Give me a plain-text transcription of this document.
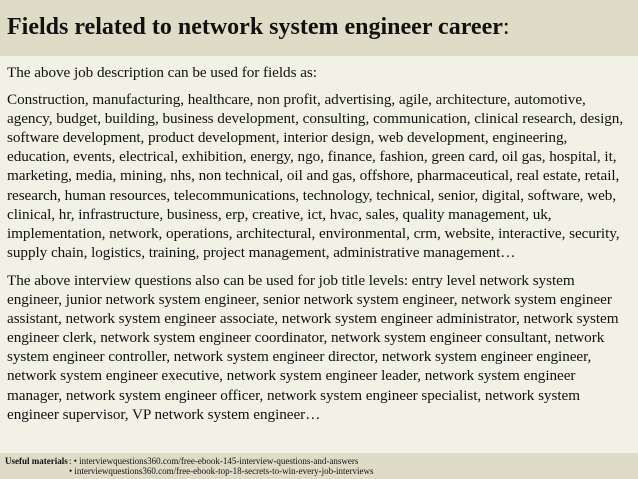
Fields related to network system engineer career:

The above job description can be used for fields as:

Construction, manufacturing, healthcare, non profit, advertising, agile, architecture, automotive, agency, budget, building, business development, consulting, communication, clinical research, design, software development, product development, interior design, web development, engineering, education, events, electrical, exhibition, energy, ngo, finance, fashion, green card, oil gas, hospital, it, marketing, media, mining, nhs, non technical, oil and gas, offshore, pharmaceutical, real estate, retail, research, human resources, telecommunications, technology, technical, senior, digital, software, web, clinical, hr, infrastructure, business, erp, creative, ict, hvac, sales, quality management, uk, implementation, network, operations, architectural, environmental, crm, website, interactive, security, supply chain, logistics, training, project management, administrative management…

The above interview questions also can be used for job title levels: entry level network system engineer, junior network system engineer, senior network system engineer, network system engineer assistant, network system engineer associate, network system engineer administrator, network system engineer clerk, network system engineer coordinator, network system engineer consultant, network system engineer controller, network system engineer director, network system engineer engineer, network system engineer executive, network system engineer leader, network system engineer manager, network system engineer officer, network system engineer specialist, network system engineer supervisor, VP network system engineer…

Useful materials : • interviewquestions360.com/free-ebook-145-interview-questions-and-answers
• interviewquestions360.com/free-ebook-top-18-secrets-to-win-every-job-interviews
